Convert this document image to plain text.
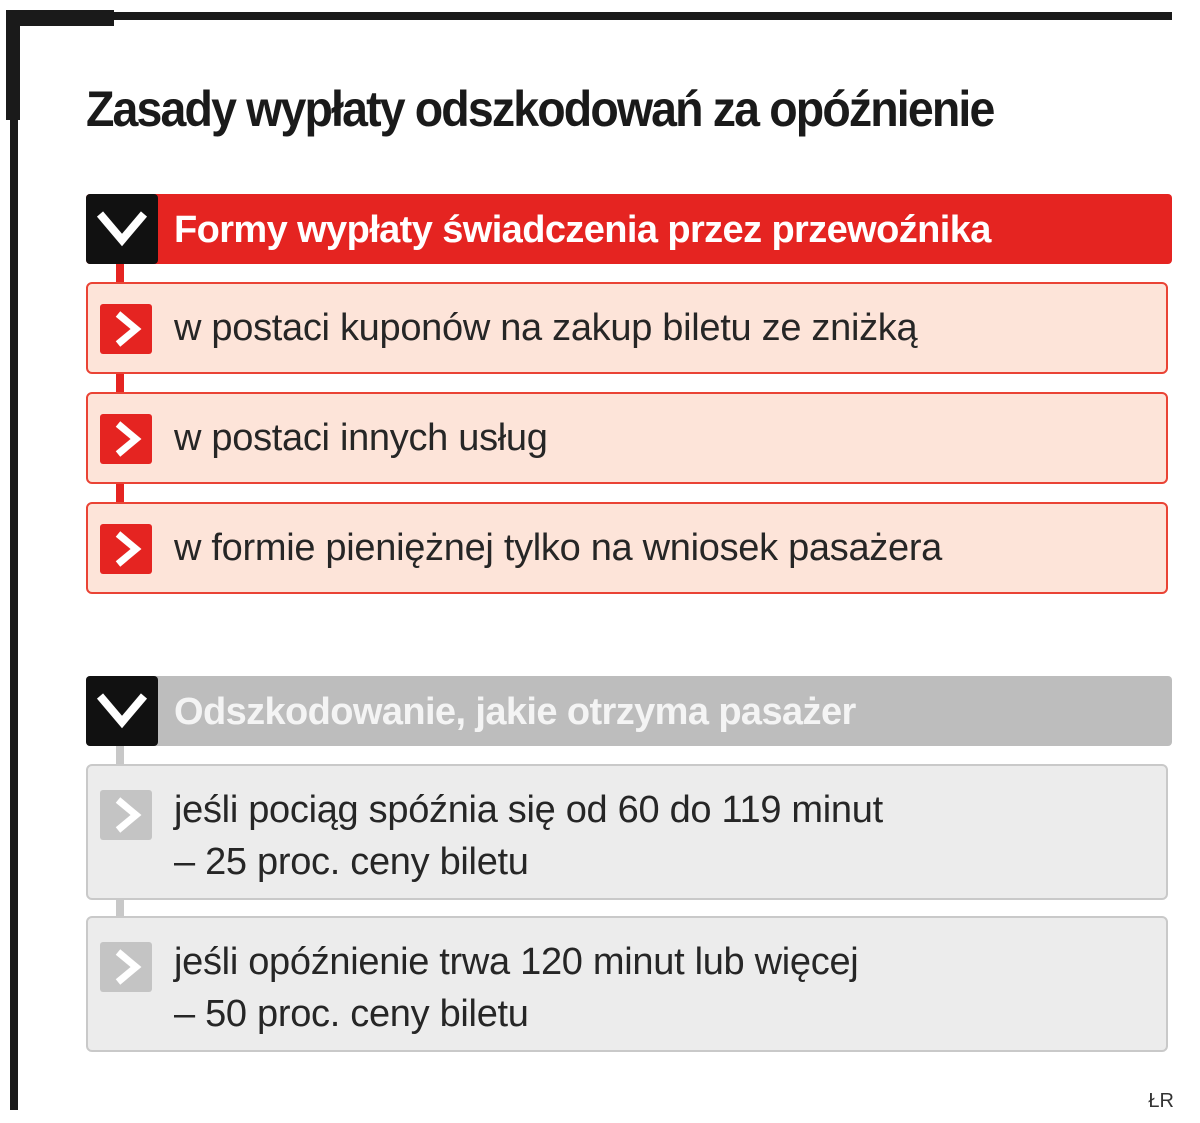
Zasady wypłaty odszkodowań za opóźnienie
Formy wypłaty świadczenia przez przewoźnika
w postaci kuponów na zakup biletu ze zniżką
w postaci innych usług
w formie pieniężnej tylko na wniosek pasażera
Odszkodowanie, jakie otrzyma pasażer
jeśli pociąg spóźnia się od 60 do 119 minut
– 25 proc. ceny biletu
jeśli opóźnienie trwa 120 minut lub więcej
– 50 proc. ceny biletu
ŁR
